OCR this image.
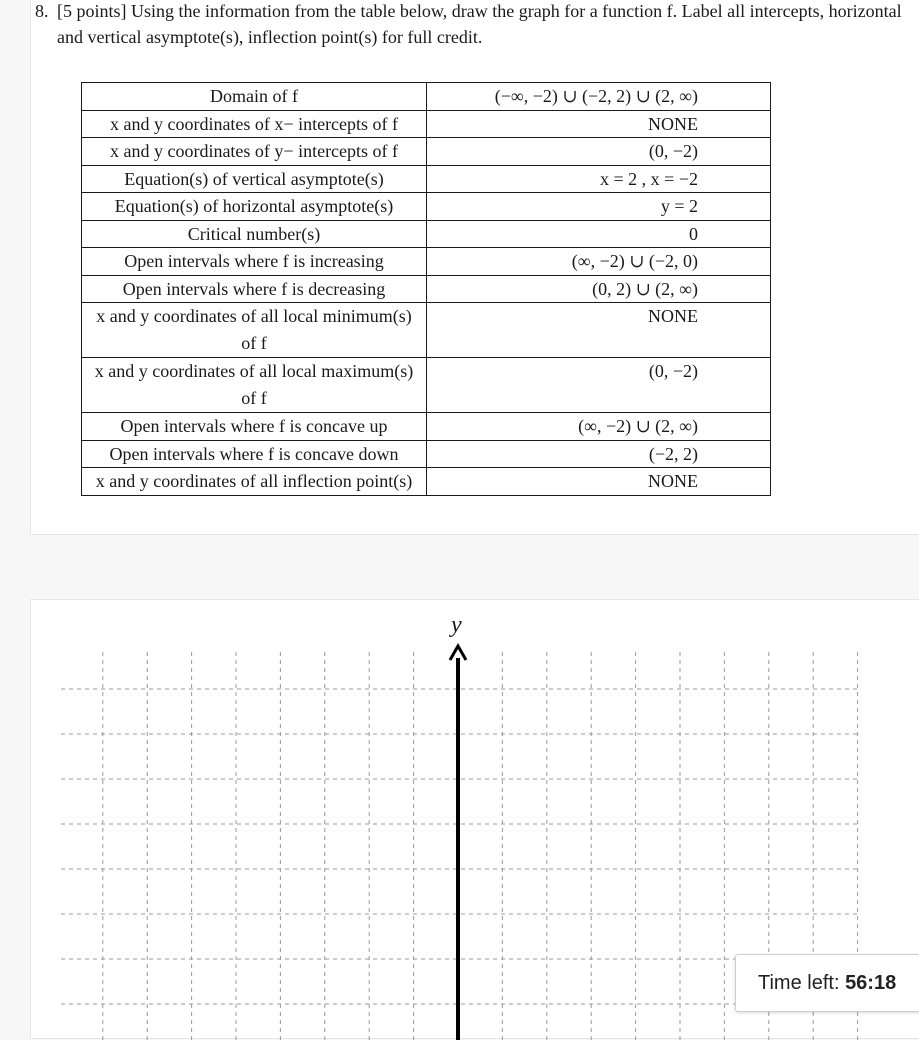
8. [5 points] Using the information from the table below, draw the graph for a function f. Label all intercepts, horizontal and vertical asymptote(s), inflection point(s) for full credit.

Domain of f	(−∞, −2) ∪ (−2, 2) ∪ (2, ∞)
x and y coordinates of x− intercepts of f	NONE
x and y coordinates of y− intercepts of f	(0, −2)
Equation(s) of vertical asymptote(s)	x = 2 , x = −2
Equation(s) of horizontal asymptote(s)	y = 2
Critical number(s)	0
Open intervals where f is increasing	(∞, −2) ∪ (−2, 0)
Open intervals where f is decreasing	(0, 2) ∪ (2, ∞)
x and y coordinates of all local minimum(s) of f	NONE
x and y coordinates of all local maximum(s) of f	(0, −2)
Open intervals where f is concave up	(∞, −2) ∪ (2, ∞)
Open intervals where f is concave down	(−2, 2)
x and y coordinates of all inflection point(s)	NONE
y
Time left: 56:18
